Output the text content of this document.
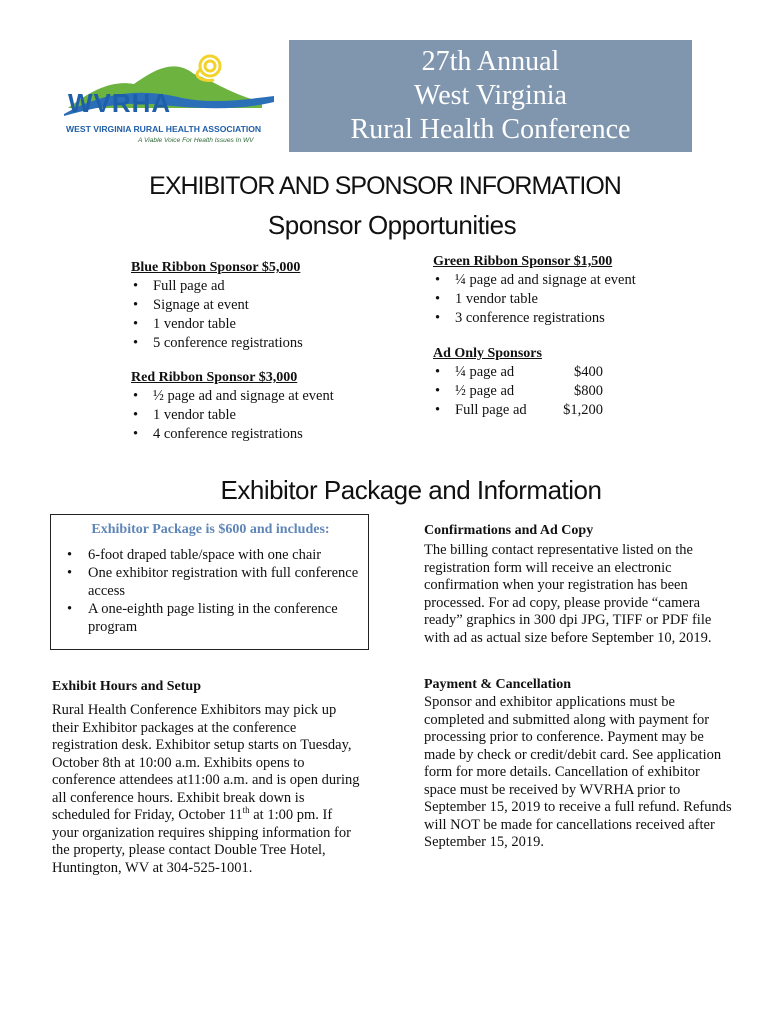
WVRHA
WEST VIRGINIA RURAL HEALTH ASSOCIATION
A Viable Voice For Health Issues In WV
27th Annual
West Virginia
Rural Health Conference
EXHIBITOR AND SPONSOR INFORMATION
Sponsor Opportunities
Blue Ribbon Sponsor $5,000
• Full page ad
• Signage at event
• 1 vendor table
• 5 conference registrations
Red Ribbon Sponsor $3,000
• ½ page ad and signage at event
• 1 vendor table
• 4 conference registrations
Green Ribbon Sponsor $1,500
• ¼ page ad and signage at event
• 1 vendor table
• 3 conference registrations
Ad Only Sponsors
• ¼ page ad	$400
• ½ page ad	$800
• Full page ad	$1,200
Exhibitor Package and Information
Exhibitor Package is $600 and includes:
• 6-foot draped table/space with one chair
• One exhibitor registration with full conference access
• A one-eighth page listing in the conference program
Confirmations and Ad Copy
The billing contact representative listed on the registration form will receive an electronic confirmation when your registration has been processed. For ad copy, please provide “camera ready” graphics in 300 dpi JPG, TIFF or PDF file with ad as actual size before September 10, 2019.
Exhibit Hours and Setup
Rural Health Conference Exhibitors may pick up their Exhibitor packages at the conference registration desk. Exhibitor setup starts on Tuesday, October 8th at 10:00 a.m. Exhibits opens to conference attendees at11:00 a.m. and is open during all conference hours. Exhibit break down is scheduled for Friday, October 11th at 1:00 pm. If your organization requires shipping information for the property, please contact Double Tree Hotel, Huntington, WV at 304-525-1001.
Payment & Cancellation
Sponsor and exhibitor applications must be completed and submitted along with payment for processing prior to conference. Payment may be made by check or credit/debit card. See application form for more details. Cancellation of exhibitor space must be received by WVRHA prior to September 15, 2019 to receive a full refund. Refunds will NOT be made for cancellations received after September 15, 2019.
